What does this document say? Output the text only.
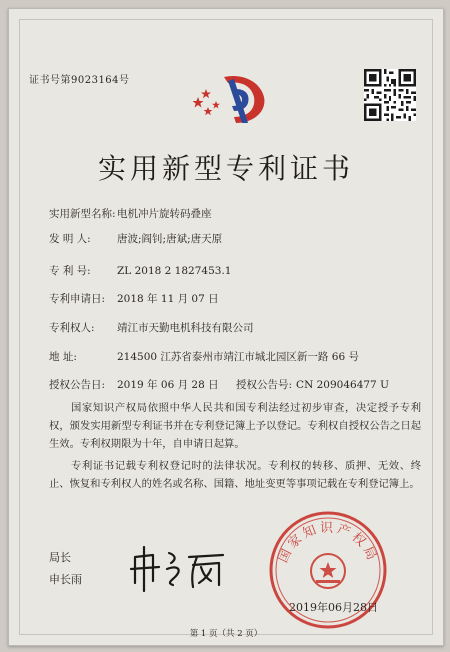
证书号第9023164号
实用新型专利证书
实用新型名称:电机冲片旋转码叠座
发 明 人:	唐波;阎钊;唐斌;唐天原
专 利 号:	ZL 2018 2 1827453.1
专利申请日: 2018 年 11 月 07 日
专利权人: 靖江市天勤电机科技有限公司
地 址:	214500 江苏省泰州市靖江市城北园区新一路 66 号
授权公告日: 2019 年 06 月 28 日 授权公告号: CN 209046477 U
国家知识产权局依照中华人民共和国专利法经过初步审查，决定授予专利权，颁发实用新型专利证书并在专利登记簿上予以登记。专利权自授权公告之日起生效。专利权期限为十年，自申请日起算。
专利证书记载专利权登记时的法律状况。专利权的转移、质押、无效、终止、恢复和专利权人的姓名或名称、国籍、地址变更等事项记载在专利登记簿上。
局长
申长雨
国家知识产权局
2019年06月28日
第 1 页（共 2 页）
